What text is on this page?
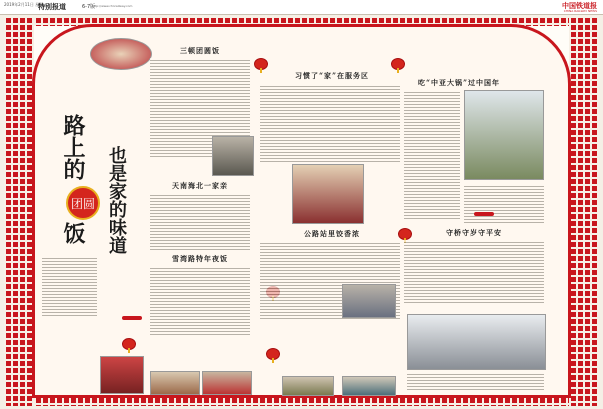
2019年2月11日 星期一
特别报道	6-7版
http://www.chnrailway.com	中国铁道报
CHINA RAILWAY NEWS
路上的
团圆
饭 也是家的味道
三顿团圆饭
天南海北一家亲
雪湾路特年夜饭
习惯了“家”在服务区
公路站里饺香浓
吃“中亚大锅”过中国年
守桥守岁守平安
